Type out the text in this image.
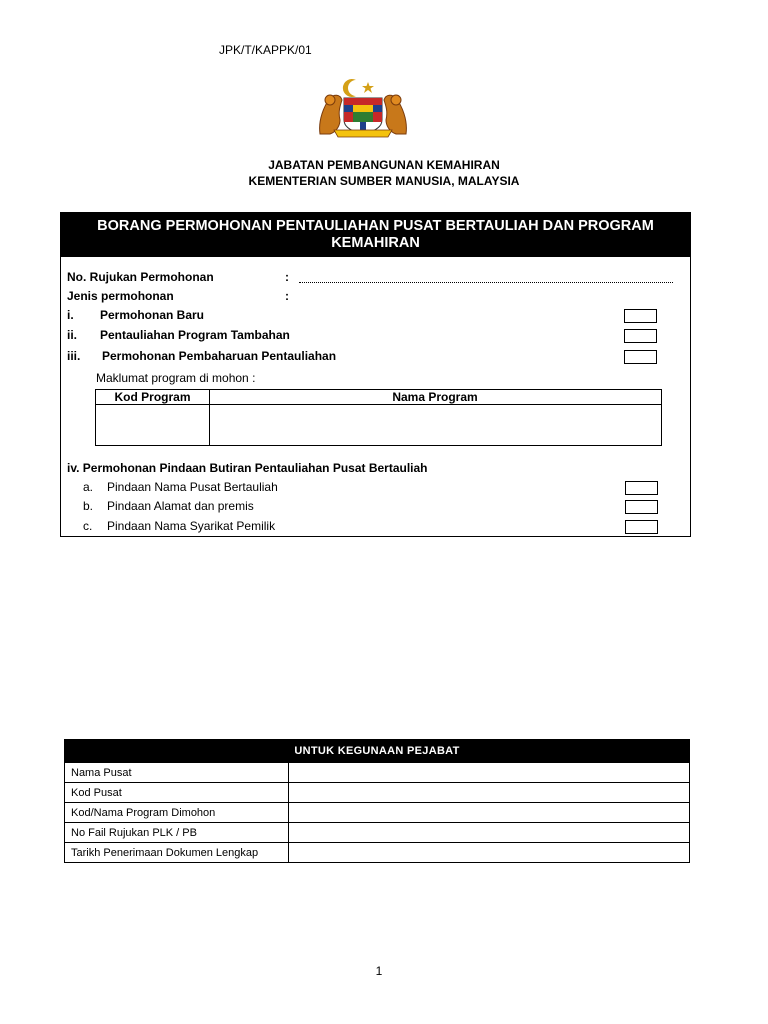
JPK/T/KAPPK/01
JABATAN PEMBANGUNAN KEMAHIRAN
KEMENTERIAN SUMBER MANUSIA, MALAYSIA
BORANG PERMOHONAN PENTAULIAHAN PUSAT BERTAULIAH DAN PROGRAM KEMAHIRAN
No. Rujukan Permohonan	:
Jenis permohonan	:
i. Permohonan Baru
ii. Pentauliahan Program Tambahan
iii. Permohonan Pembaharuan Pentauliahan
Maklumat program di mohon :
Kod Program	Nama Program
iv. Permohonan Pindaan Butiran Pentauliahan Pusat Bertauliah
a. Pindaan Nama Pusat Bertauliah
b. Pindaan Alamat dan premis
c. Pindaan Nama Syarikat Pemilik
UNTUK KEGUNAAN PEJABAT	
Nama Pusat	
Kod Pusat	
Kod/Nama Program Dimohon	
No Fail Rujukan PLK / PB	
Tarikh Penerimaan Dokumen Lengkap	
1
